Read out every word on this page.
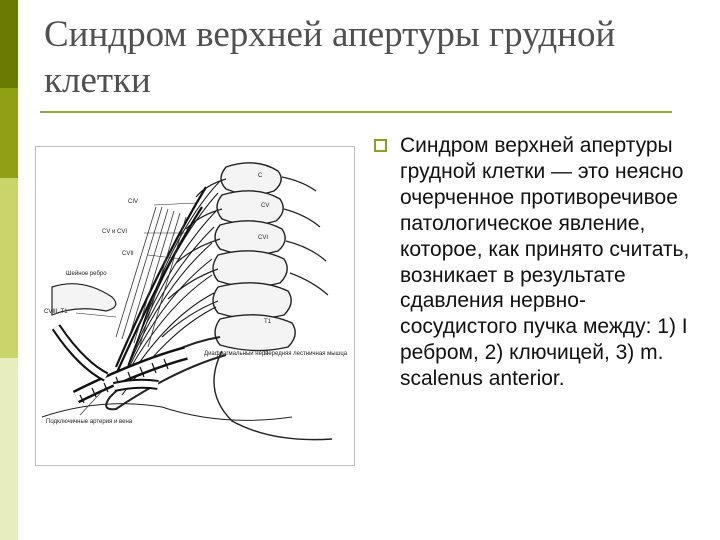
Синдром верхней апертуры грудной клетки
C
CIV
CV
CV и CVI
CVI
CVII
Шейное ребро
CVIII, T1
T1
Диафрагмальный нерв
Передняя лестничная мышца
Подключичные артерия и вена

Синдром верхней апертуры грудной клетки — это неясно очерченное противоречивое патологическое явление, которое, как принято считать, возникает в результате сдавления нервно-сосудистого пучка между: 1) I ребром, 2) ключицей, 3) m. scalenus anterior.
